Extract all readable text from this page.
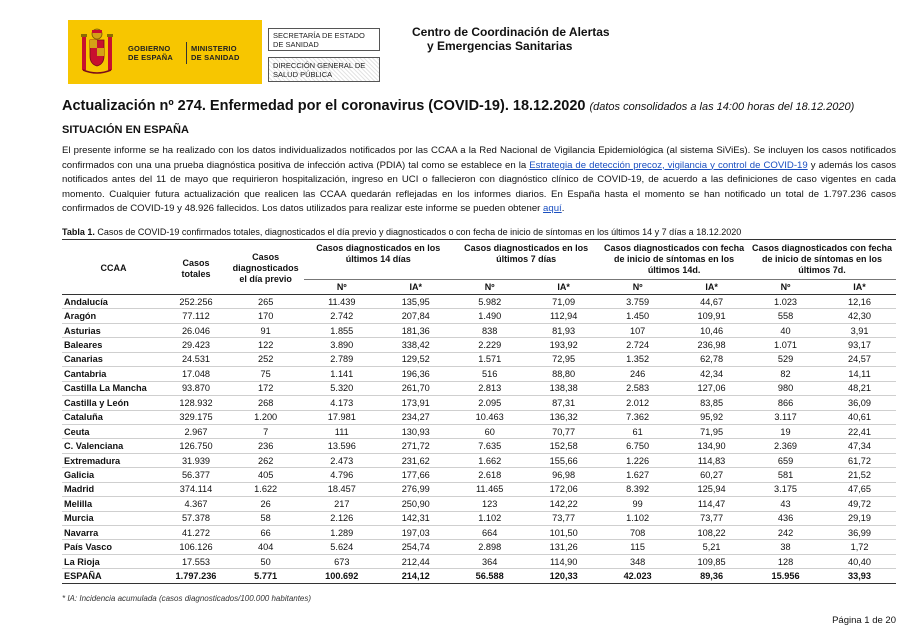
GOBIERNO
DE ESPAÑA
MINISTERIO
DE SANIDAD
SECRETARÍA DE ESTADO
DE SANIDAD
DIRECCIÓN GENERAL DE
SALUD PÚBLICA
Centro de Coordinación de Alertas
y Emergencias Sanitarias
Actualización nº 274. Enfermedad por el coronavirus (COVID-19). 18.12.2020 (datos consolidados a las 14:00 horas del 18.12.2020)
SITUACIÓN EN ESPAÑA
El presente informe se ha realizado con los datos individualizados notificados por las CCAA a la Red Nacional de Vigilancia Epidemiológica (al sistema SiViEs). Se incluyen los casos notificados confirmados con una una prueba diagnóstica positiva de infección activa (PDIA) tal como se establece en la Estrategia de detección precoz, vigilancia y control de COVID-19 y además los casos notificados antes del 11 de mayo que requirieron hospitalización, ingreso en UCI o fallecieron con diagnóstico clínico de COVID-19, de acuerdo a las definiciones de caso vigentes en cada momento. Cualquier futura actualización que realicen las CCAA quedarán reflejadas en los informes diarios. En España hasta el momento se han notificado un total de 1.797.236 casos confirmados de COVID-19 y 48.926 fallecidos. Los datos utilizados para realizar este informe se pueden obtener aquí.
Tabla 1. Casos de COVID-19 confirmados totales, diagnosticados el día previo y diagnosticados o con fecha de inicio de síntomas en los últimos 14 y 7 días a 18.12.2020
CCAA	Casos totales	Casos diagnosticados el día previo	Casos diagnosticados en los últimos 14 días		Casos diagnosticados en los últimos 7 días		Casos diagnosticados con fecha de inicio de síntomas en los últimos 14d.		Casos diagnosticados con fecha de inicio de síntomas en los últimos 7d.	
			Nº	IA*	Nº	IA*	Nº	IA*	Nº	IA*
Andalucía	252.256	265	11.439	135,95	5.982	71,09	3.759	44,67	1.023	12,16
Aragón	77.112	170	2.742	207,84	1.490	112,94	1.450	109,91	558	42,30
Asturias	26.046	91	1.855	181,36	838	81,93	107	10,46	40	3,91
Baleares	29.423	122	3.890	338,42	2.229	193,92	2.724	236,98	1.071	93,17
Canarias	24.531	252	2.789	129,52	1.571	72,95	1.352	62,78	529	24,57
Cantabria	17.048	75	1.141	196,36	516	88,80	246	42,34	82	14,11
Castilla La Mancha	93.870	172	5.320	261,70	2.813	138,38	2.583	127,06	980	48,21
Castilla y León	128.932	268	4.173	173,91	2.095	87,31	2.012	83,85	866	36,09
Cataluña	329.175	1.200	17.981	234,27	10.463	136,32	7.362	95,92	3.117	40,61
Ceuta	2.967	7	111	130,93	60	70,77	61	71,95	19	22,41
C. Valenciana	126.750	236	13.596	271,72	7.635	152,58	6.750	134,90	2.369	47,34
Extremadura	31.939	262	2.473	231,62	1.662	155,66	1.226	114,83	659	61,72
Galicia	56.377	405	4.796	177,66	2.618	96,98	1.627	60,27	581	21,52
Madrid	374.114	1.622	18.457	276,99	11.465	172,06	8.392	125,94	3.175	47,65
Melilla	4.367	26	217	250,90	123	142,22	99	114,47	43	49,72
Murcia	57.378	58	2.126	142,31	1.102	73,77	1.102	73,77	436	29,19
Navarra	41.272	66	1.289	197,03	664	101,50	708	108,22	242	36,99
País Vasco	106.126	404	5.624	254,74	2.898	131,26	115	5,21	38	1,72
La Rioja	17.553	50	673	212,44	364	114,90	348	109,85	128	40,40
ESPAÑA	1.797.236	5.771	100.692	214,12	56.588	120,33	42.023	89,36	15.956	33,93
* IA: Incidencia acumulada (casos diagnosticados/100.000 habitantes)
Página 1 de 20
